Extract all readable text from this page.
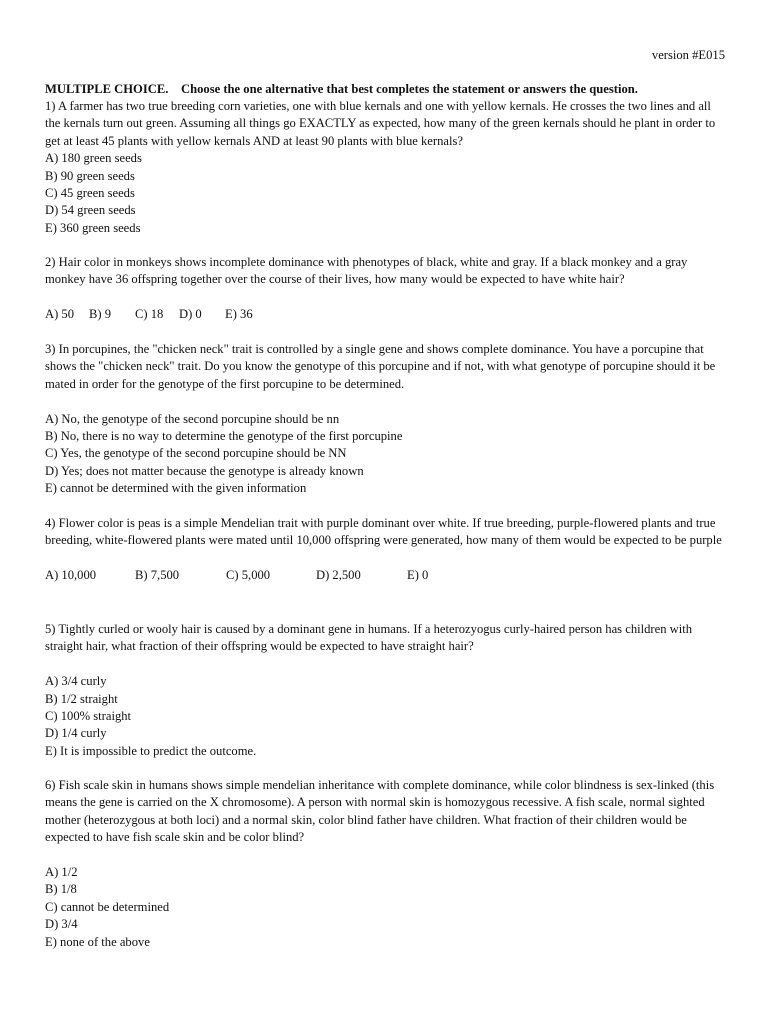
version #E015
MULTIPLE CHOICE. Choose the one alternative that best completes the statement or answers the question.

1) A farmer has two true breeding corn varieties, one with blue kernals and one with yellow kernals. He crosses the two lines and all the kernals turn out green. Assuming all things go EXACTLY as expected, how many of the green kernals should he plant in order to get at least 45 plants with yellow kernals AND at least 90 plants with blue kernals?

A) 180 green seeds

B) 90 green seeds

C) 45 green seeds

D) 54 green seeds

E) 360 green seeds

2) Hair color in monkeys shows incomplete dominance with phenotypes of black, white and gray. If a black monkey and a gray monkey have 36 offspring together over the course of their lives, how many would be expected to have white hair?

A) 50	B) 9	C) 18	D) 0	E) 36

3) In porcupines, the "chicken neck" trait is controlled by a single gene and shows complete dominance. You have a porcupine that shows the "chicken neck" trait. Do you know the genotype of this porcupine and if not, with what genotype of porcupine should it be mated in order for the genotype of the first porcupine to be determined.

A) No, the genotype of the second porcupine should be nn

B) No, there is no way to determine the genotype of the first porcupine

C) Yes, the genotype of the second porcupine should be NN

D) Yes; does not matter because the genotype is already known

E) cannot be determined with the given information

4) Flower color is peas is a simple Mendelian trait with purple dominant over white. If true breeding, purple-flowered plants and true breeding, white-flowered plants were mated until 10,000 offspring were generated, how many of them would be expected to be purple

A) 10,000	B) 7,500	C) 5,000	D) 2,500	E) 0

5) Tightly curled or wooly hair is caused by a dominant gene in humans. If a heterozyogus curly-haired person has children with straight hair, what fraction of their offspring would be expected to have straight hair?

A) 3/4 curly

B) 1/2 straight

C) 100% straight

D) 1/4 curly

E) It is impossible to predict the outcome.

6) Fish scale skin in humans shows simple mendelian inheritance with complete dominance, while color blindness is sex-linked (this means the gene is carried on the X chromosome). A person with normal skin is homozygous recessive. A fish scale, normal sighted mother (heterozygous at both loci) and a normal skin, color blind father have children. What fraction of their children would be expected to have fish scale skin and be color blind?

A) 1/2

B) 1/8

C) cannot be determined

D) 3/4

E) none of the above
